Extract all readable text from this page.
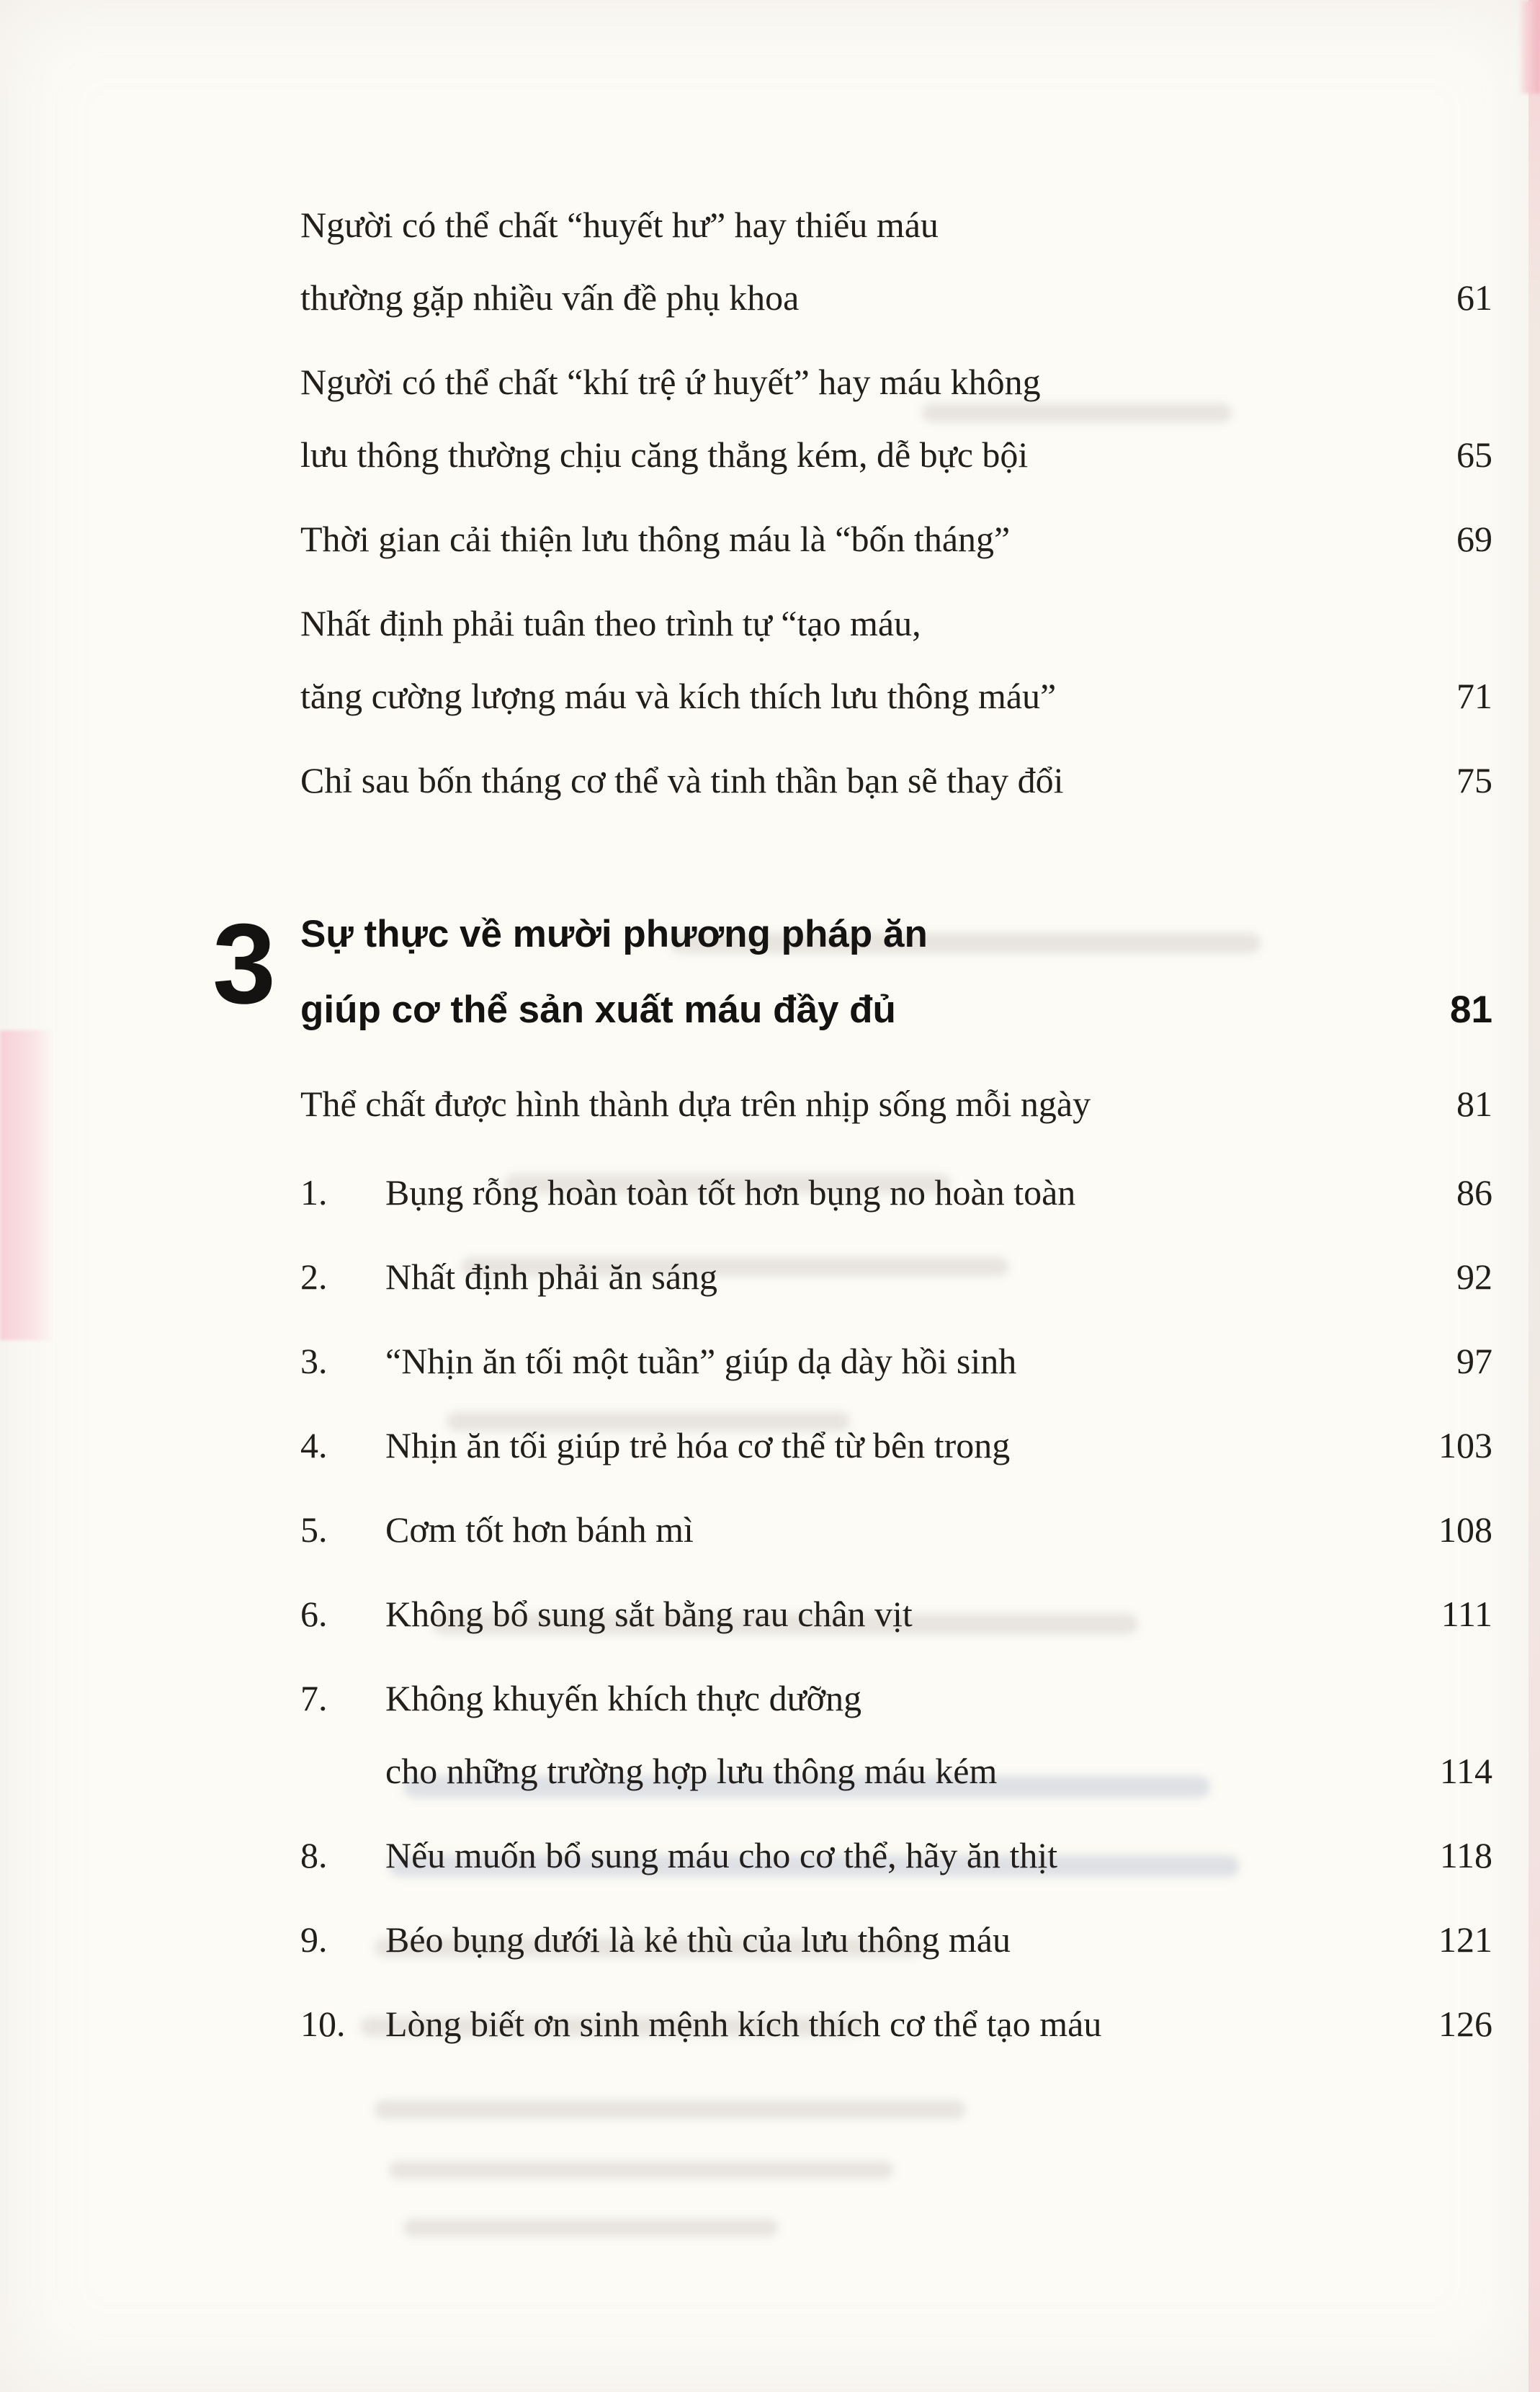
Người có thể chất “huyết hư” hay thiếu máu
thường gặp nhiều vấn đề phụ khoa	61
Người có thể chất “khí trệ ứ huyết” hay máu không
lưu thông thường chịu căng thẳng kém, dễ bực bội	65
Thời gian cải thiện lưu thông máu là “bốn tháng”	69
Nhất định phải tuân theo trình tự “tạo máu,
tăng cường lượng máu và kích thích lưu thông máu”	71
Chỉ sau bốn tháng cơ thể và tinh thần bạn sẽ thay đổi	75
3 Sự thực về mười phương pháp ăn
giúp cơ thể sản xuất máu đầy đủ	81
Thể chất được hình thành dựa trên nhịp sống mỗi ngày	81
1.	Bụng rỗng hoàn toàn tốt hơn bụng no hoàn toàn	86
2.	Nhất định phải ăn sáng	92
3.	“Nhịn ăn tối một tuần” giúp dạ dày hồi sinh	97
4.	Nhịn ăn tối giúp trẻ hóa cơ thể từ bên trong	103
5.	Cơm tốt hơn bánh mì	108
6.	Không bổ sung sắt bằng rau chân vịt	111
7.	Không khuyến khích thực dưỡng
cho những trường hợp lưu thông máu kém	114
8.	Nếu muốn bổ sung máu cho cơ thể, hãy ăn thịt	118
9.	Béo bụng dưới là kẻ thù của lưu thông máu	121
10.	Lòng biết ơn sinh mệnh kích thích cơ thể tạo máu	126
